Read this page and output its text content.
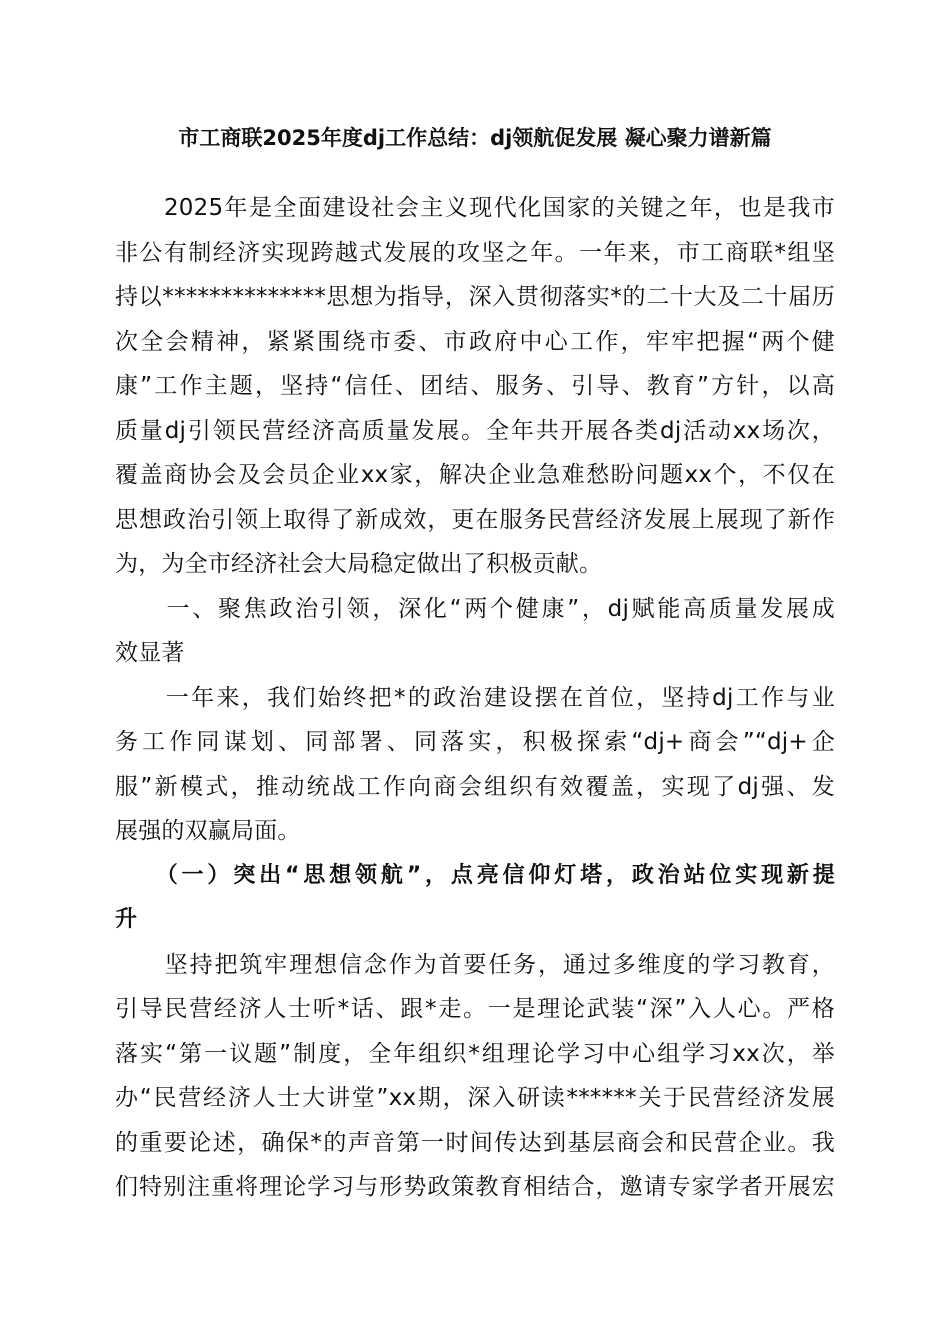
市工商联2025年度dj工作总结：dj领航促发展 凝心聚力谱新篇
　　2025年是全面建设社会主义现代化国家的关键之年，也是我市
非公有制经济实现跨越式发展的攻坚之年。一年来，市工商联*组坚
持以**************思想为指导，深入贯彻落实*的二十大及二十届历
次全会精神，紧紧围绕市委、市政府中心工作，牢牢把握“两个健
康”工作主题，坚持“信任、团结、服务、引导、教育”方针，以高
质量dj引领民营经济高质量发展。全年共开展各类dj活动xx场次，
覆盖商协会及会员企业xx家，解决企业急难愁盼问题xx个，不仅在
思想政治引领上取得了新成效，更在服务民营经济发展上展现了新作
为，为全市经济社会大局稳定做出了积极贡献。
　　一、聚焦政治引领，深化“两个健康”，dj赋能高质量发展成
效显著
　　一年来，我们始终把*的政治建设摆在首位，坚持dj工作与业
务工作同谋划、同部署、同落实，积极探索“dj+商会”“dj+企
服”新模式，推动统战工作向商会组织有效覆盖，实现了dj强、发
展强的双赢局面。
　　（一）突出“思想领航”，点亮信仰灯塔，政治站位实现新提
升
　　坚持把筑牢理想信念作为首要任务，通过多维度的学习教育，
引导民营经济人士听*话、跟*走。一是理论武装“深”入人心。严格
落实“第一议题”制度，全年组织*组理论学习中心组学习xx次，举
办“民营经济人士大讲堂”xx期，深入研读******关于民营经济发展
的重要论述，确保*的声音第一时间传达到基层商会和民营企业。我
们特别注重将理论学习与形势政策教育相结合，邀请专家学者开展宏
